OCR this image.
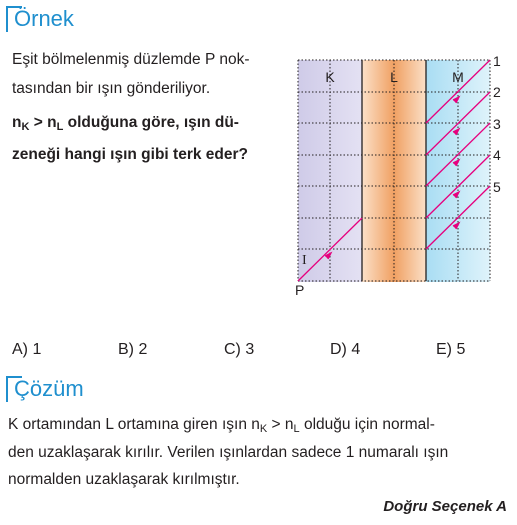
Örnek
Eşit bölmelenmiş düzlemde P nok-
tasından bir ışın gönderiliyor.
$n_K > n_L$ olduğuna göre, ışın dü-
zeneği hangi ışın gibi terk eder?
K	L	M
1
2
3
4
5
I
P
A) 1	B) 2	C) 3	D) 4	E) 5
Çözüm
K ortamından L ortamına giren ışın $n_K > n_L$ olduğu için normal-
den uzaklaşarak kırılır. Verilen ışınlardan sadece 1 numaralı ışın
normalden uzaklaşarak kırılmıştır.
Doğru Seçenek A
